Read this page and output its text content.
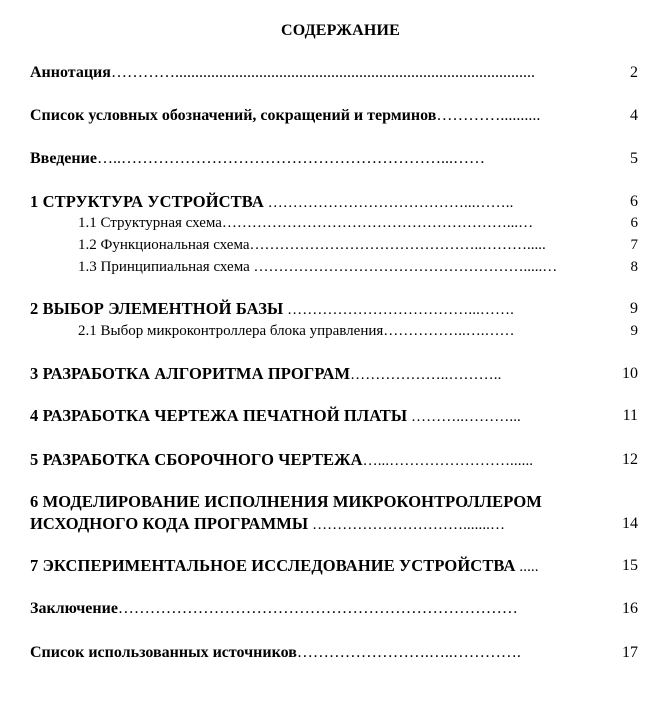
СОДЕРЖАНИЕ
Аннотация…………..........................................................................................	2
Список условных обозначений, сокращений и терминов…………..........	4
Введение…..……………………………………………………...……	5
1 СТРУКТУРА УСТРОЙСТВА …………………………………...……..	6
1.1 Структурная схема…………………………………………………...…	6
1.2 Функциональная схема………………………………………..……….....	7
1.3 Принципиальная схема ……………………………………………….....…	8
2 ВЫБОР ЭЛЕМЕНТНОЙ БАЗЫ ………………………………...…….	9
2.1 Выбор микроконтроллера блока управления……………..….……	9
3 РАЗРАБОТКА АЛГОРИТМА ПРОГРАМ………………..………..	10
4 РАЗРАБОТКА ЧЕРТЕЖА ПЕЧАТНОЙ ПЛАТЫ ………..………...	11
5 РАЗРАБОТКА СБОРОЧНОГО ЧЕРТЕЖА…...……………………......	12
6 МОДЕЛИРОВАНИЕ ИСПОЛНЕНИЯ МИКРОКОНТРОЛЛЕРОМ
ИСХОДНОГО КОДА ПРОГРАММЫ ………………………….......…	14
7 ЭКСПЕРИМЕНТАЛЬНОЕ ИССЛЕДОВАНИЕ УСТРОЙСТВА .....	15
Заключение…………………………………………………………………	16
Список использованных источников…………………….…..………….	17
